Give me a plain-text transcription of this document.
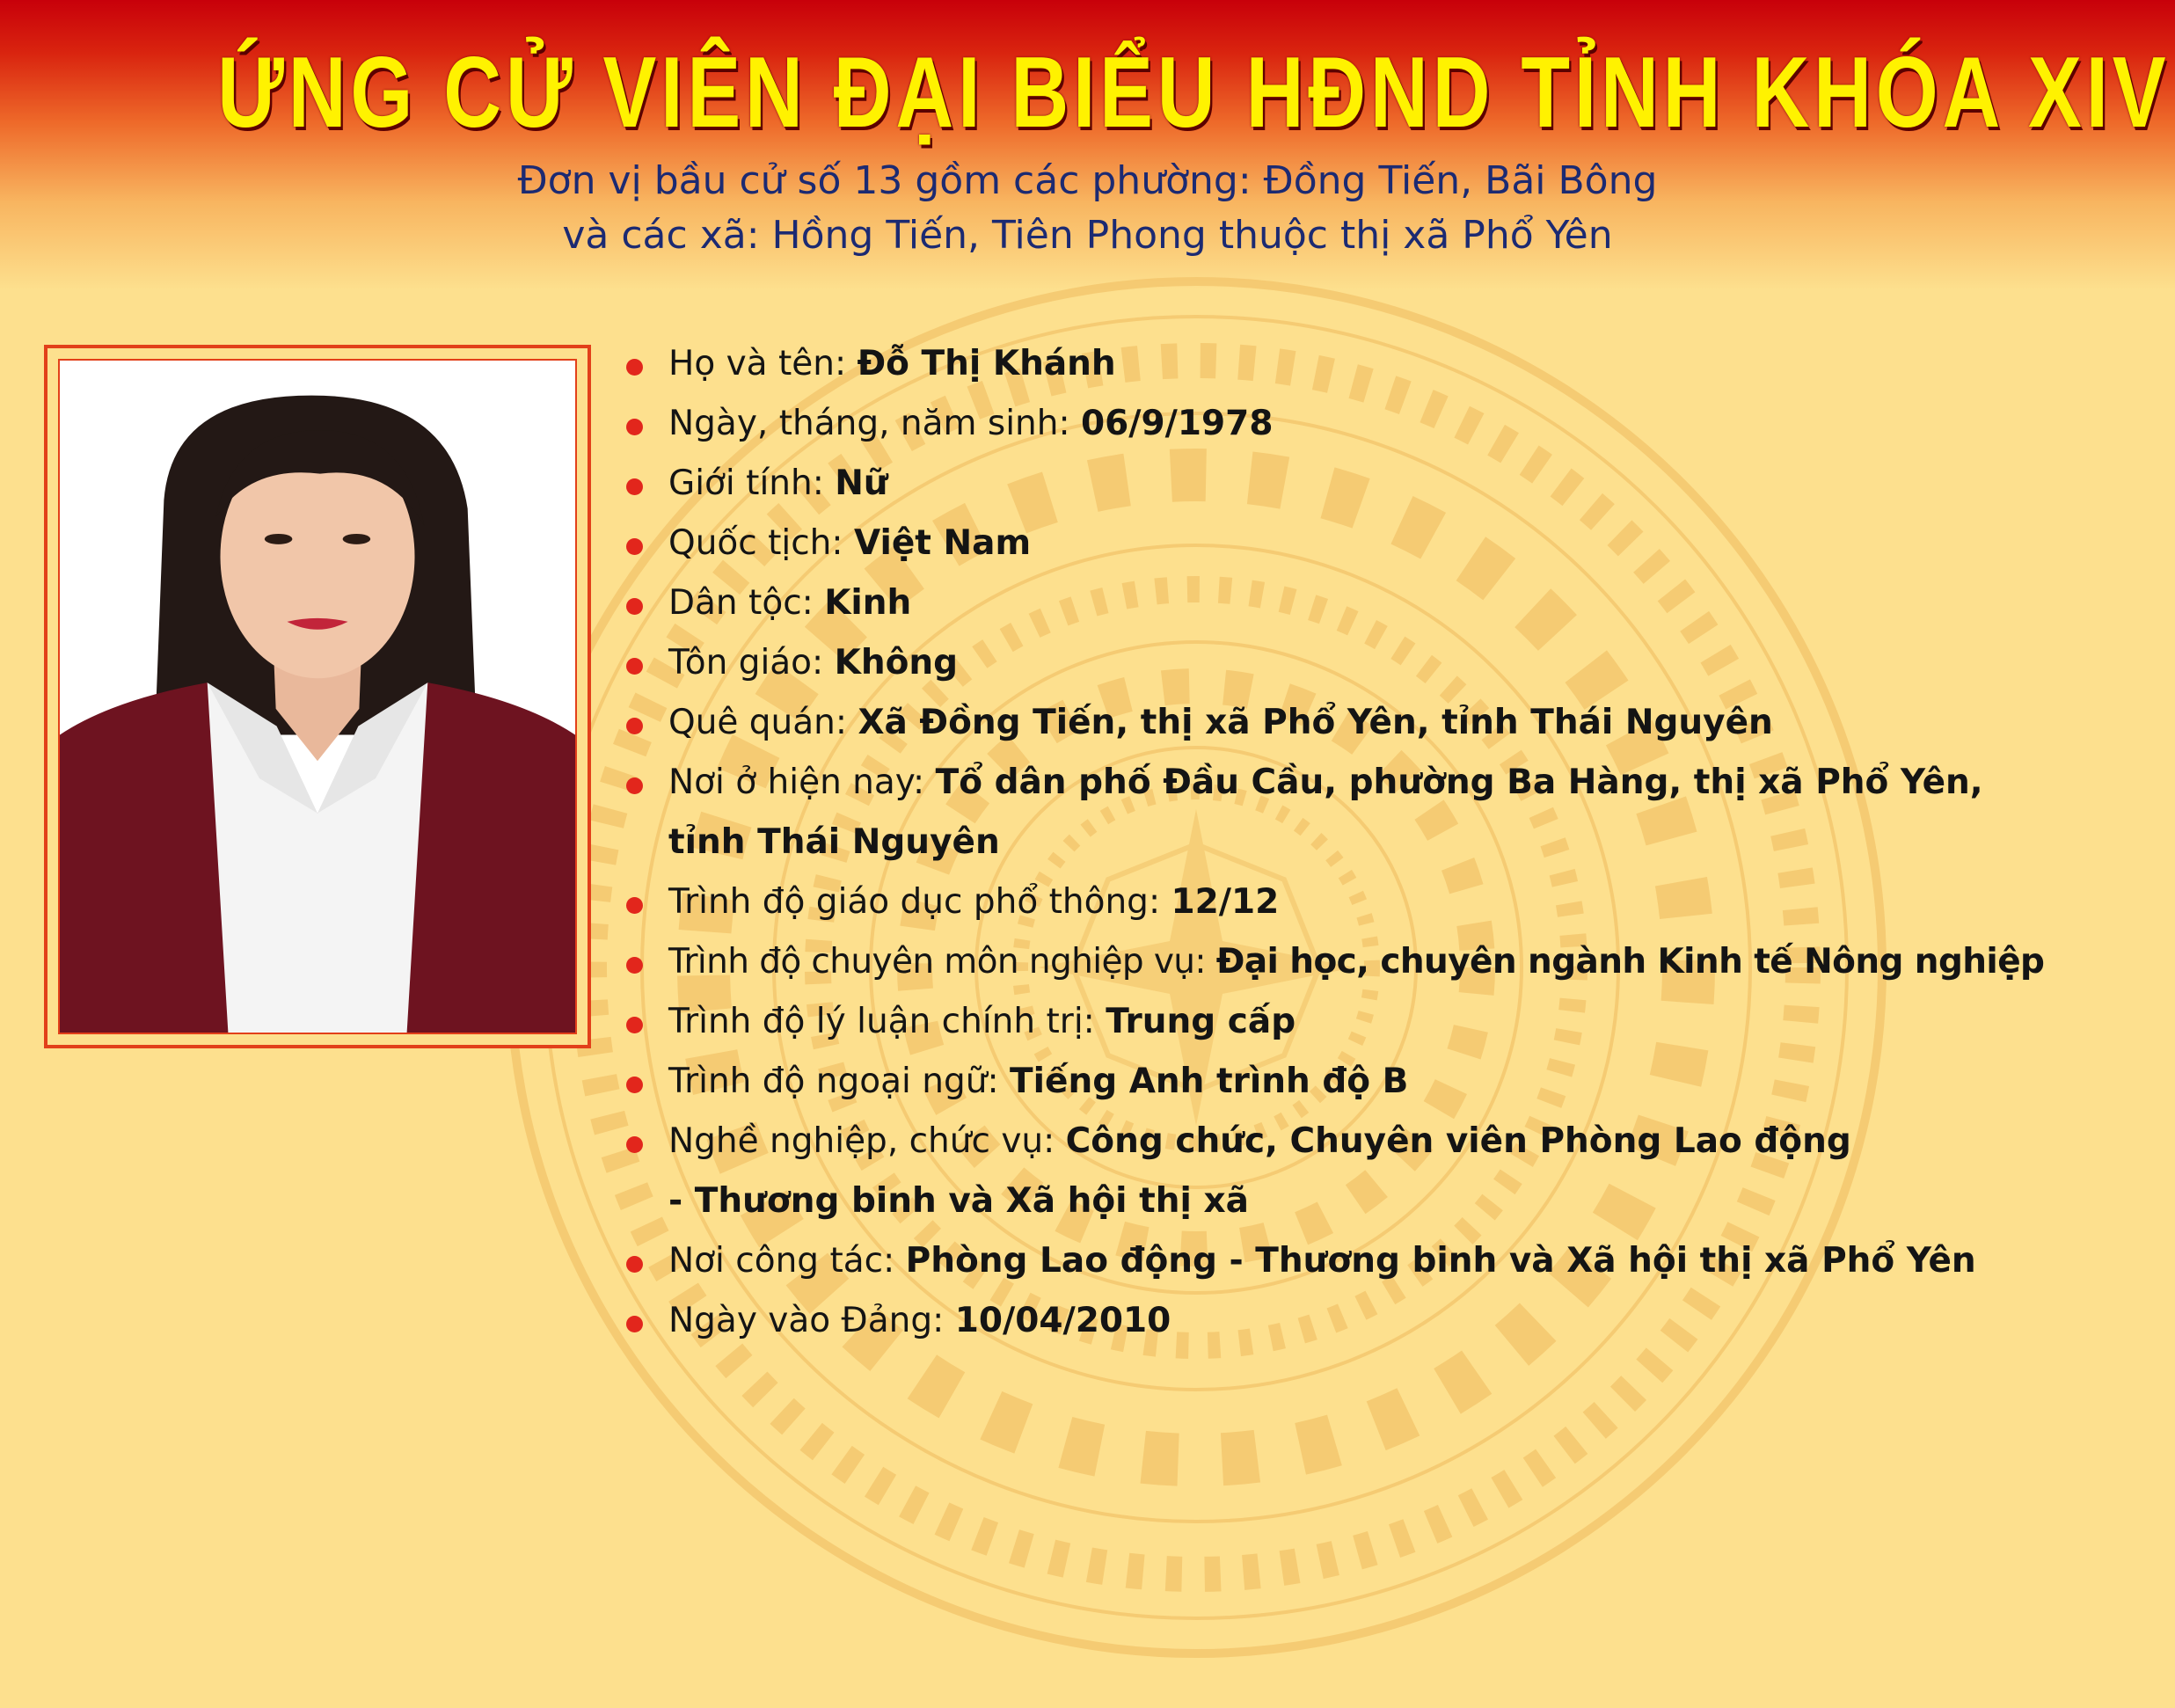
ỨNG CỬ VIÊN ĐẠI BIỂU HĐND TỈNH KHÓA XIV
Đơn vị bầu cử số 13 gồm các phường: Đồng Tiến, Bãi Bông
và các xã: Hồng Tiến, Tiên Phong thuộc thị xã Phổ Yên
Họ và tên: Đỗ Thị Khánh
Ngày, tháng, năm sinh: 06/9/1978
Giới tính: Nữ
Quốc tịch: Việt Nam
Dân tộc: Kinh
Tôn giáo: Không
Quê quán: Xã Đồng Tiến, thị xã Phổ Yên, tỉnh Thái Nguyên
Nơi ở hiện nay: Tổ dân phố Đầu Cầu, phường Ba Hàng, thị xã Phổ Yên,
tỉnh Thái Nguyên
Trình độ giáo dục phổ thông: 12/12
Trình độ chuyên môn nghiệp vụ: Đại học, chuyên ngành Kinh tế Nông nghiệp
Trình độ lý luận chính trị: Trung cấp
Trình độ ngoại ngữ: Tiếng Anh trình độ B
Nghề nghiệp, chức vụ: Công chức, Chuyên viên Phòng Lao động
- Thương binh và Xã hội thị xã
Nơi công tác: Phòng Lao động - Thương binh và Xã hội thị xã Phổ Yên
Ngày vào Đảng: 10/04/2010
